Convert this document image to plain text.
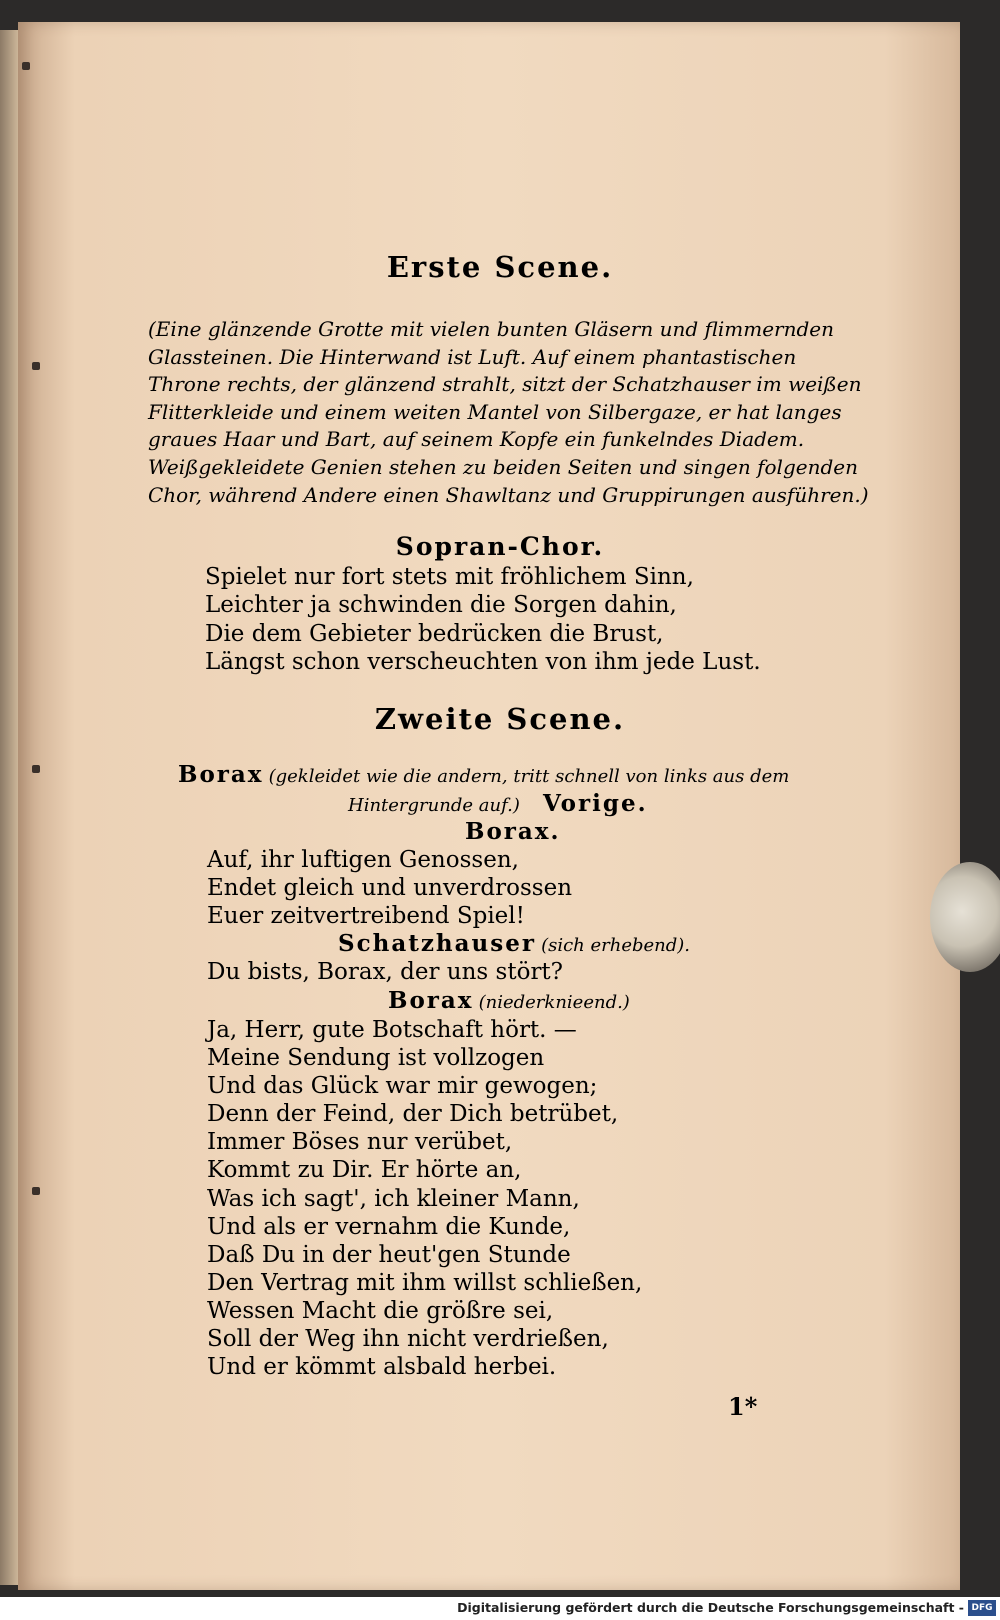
Erste Scene.
(Eine glänzende Grotte mit vielen bunten Gläsern und flimmernden
Glassteinen. Die Hinterwand ist Luft. Auf einem phantastischen
Throne rechts, der glänzend strahlt, sitzt der Schatzhauser im weißen
Flitterkleide und einem weiten Mantel von Silbergaze, er hat langes
graues Haar und Bart, auf seinem Kopfe ein funkelndes Diadem.
Weißgekleidete Genien stehen zu beiden Seiten und singen folgenden
Chor, während Andere einen Shawltanz und Gruppirungen ausführen.)
Sopran-Chor.
Spielet nur fort stets mit fröhlichem Sinn,
Leichter ja schwinden die Sorgen dahin,
Die dem Gebieter bedrücken die Brust,
Längst schon verscheuchten von ihm jede Lust.
Zweite Scene.
Borax (gekleidet wie die andern, tritt schnell von links aus dem
Hintergrunde auf.) Vorige.
Borax.
Auf, ihr luftigen Genossen,
Endet gleich und unverdrossen
Euer zeitvertreibend Spiel!
Schatzhauser (sich erhebend).
Du bists, Borax, der uns stört?
Borax (niederknieend.)
Ja, Herr, gute Botschaft hört. —
Meine Sendung ist vollzogen
Und das Glück war mir gewogen;
Denn der Feind, der Dich betrübet,
Immer Böses nur verübet,
Kommt zu Dir. Er hörte an,
Was ich sagt', ich kleiner Mann,
Und als er vernahm die Kunde,
Daß Du in der heut'gen Stunde
Den Vertrag mit ihm willst schließen,
Wessen Macht die größre sei,
Soll der Weg ihn nicht verdrießen,
Und er kömmt alsbald herbei.
1*
Digitalisierung gefördert durch die Deutsche Forschungsgemeinschaft - DFG
